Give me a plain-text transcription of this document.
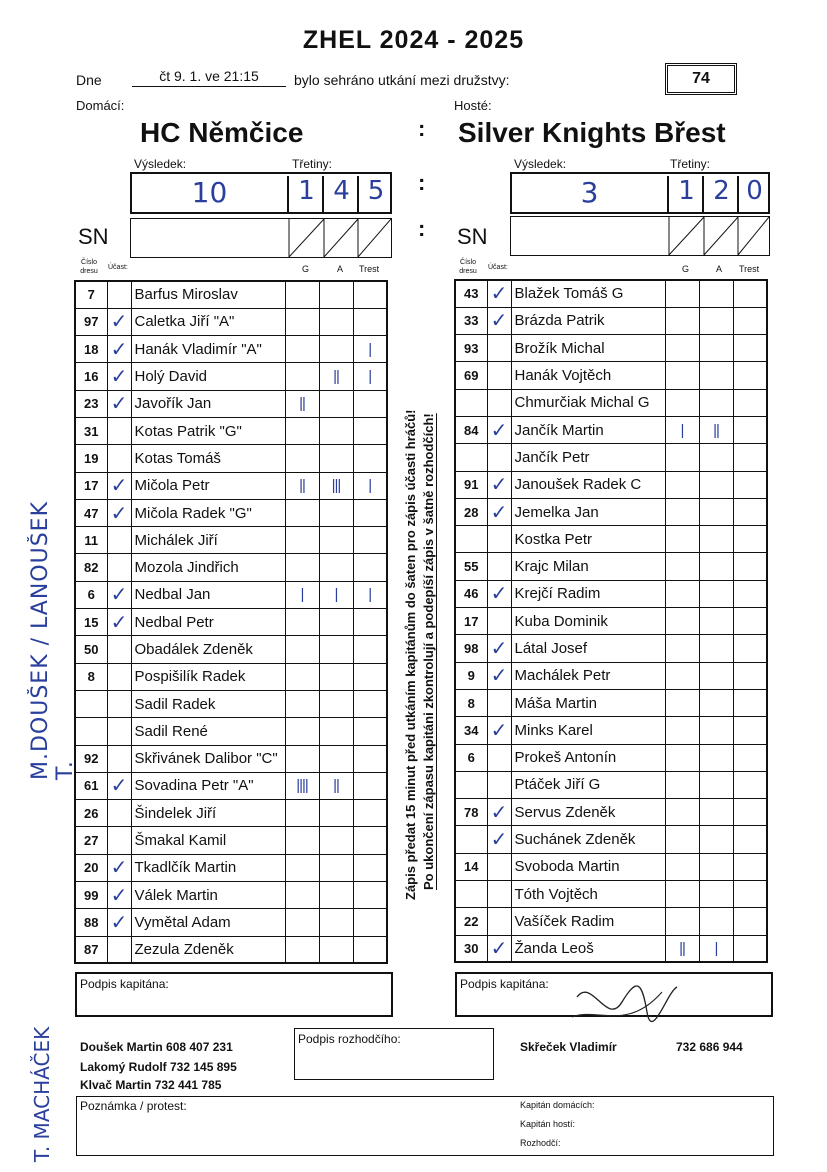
ZHEL 2024 - 2025
Dne	čt 9. 1. ve 21:15	bylo sehráno utkání mezi družstvy:	74
Domácí:	Hosté:
HC Němčice	Silver Knights Břest
:
:
:
Výsledek:	Třetiny:
10	1 4 5
SN
Výsledek:	Třetiny:
3	1 2 0
SN
Číslo dresu
Účast:	G	A Trest
Číslo dresu
Účast:	G	A Trest
7		Barfus Miroslav			
97	✓	Caletka Jiří "A"			
18	✓	Hanák Vladimír "A"			|
16	✓	Holý David		||	|
23	✓	Javořík Jan	||		
31		Kotas Patrik "G"			
19		Kotas Tomáš			
17	✓	Mičola Petr	||	|||	|
47	✓	Mičola Radek "G"			
11		Michálek Jiří			
82		Mozola Jindřich			
6	✓	Nedbal Jan	|	|	|
15	✓	Nedbal Petr			
50		Obadálek Zdeněk			
8		Pospišilík Radek			
		Sadil Radek			
		Sadil René			
92		Skřivánek Dalibor "C"			
61	✓	Sovadina Petr "A"	||||	||	
26		Šindelek Jiří			
27		Šmakal Kamil			
20	✓	Tkadlčík Martin			
99	✓	Válek Martin			
88	✓	Vymětal Adam			
87		Zezula Zdeněk			
43	✓	Blažek Tomáš G			
33	✓	Brázda Patrik			
93		Brožík Michal			
69		Hanák Vojtěch			
		Chmurčiak Michal G			
84	✓	Jančík Martin	|	||	
		Jančík Petr			
91	✓	Janoušek Radek C			
28	✓	Jemelka Jan			
		Kostka Petr			
55		Krajc Milan			
46	✓	Krejčí Radim			
17		Kuba Dominik			
98	✓	Látal Josef			
9	✓	Machálek Petr			
8		Máša Martin			
34	✓	Minks Karel			
6		Prokeš Antonín			
		Ptáček Jiří G			
78	✓	Servus Zdeněk			
	✓	Suchánek Zdeněk			
14		Svoboda Martin			
		Tóth Vojtěch			
22		Vašíček Radim			
30	✓	Žanda Leoš	||	|	
Zápis předat 15 minut před utkáním kapitánům do šaten pro zápis účasti hráčů! Po ukončení zápasu kapitáni zkontrolují a podepíší zápis v šatně rozhodčích!
M.DOUŠEK / LANOUŠEK T.
T. MACHÁČEK
Podpis kapitána:	Podpis kapitána:
Podpis rozhodčího:
Doušek Martin 608 407 231
Lakomý Rudolf 732 145 895
Klvač Martin 732 441 785
Skřeček Vladimír	732 686 944
Poznámka / protest:	Kapitán domácích:
Kapitán hostí:
Rozhodčí:
